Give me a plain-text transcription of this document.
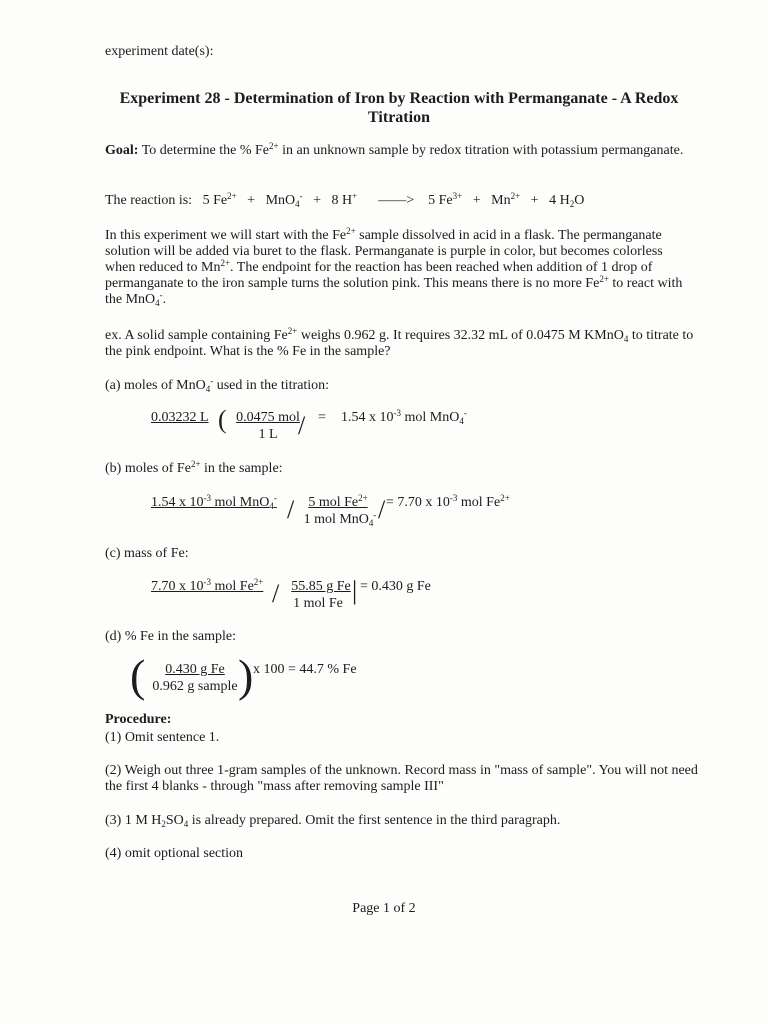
experiment date(s):
Experiment 28 - Determination of Iron by Reaction with Permanganate - A Redox Titration

Goal: To determine the % $Fe^{2+}$ in an unknown sample by redox titration with potassium permanganate.

The reaction is: 5 $Fe^{2+} + MnO_4^- + 8$ H+ ——> 5 $Fe^{3+} + Mn^{2+} + 4$ $H_2O$

In this experiment we will start with the $Fe^{2+}$ sample dissolved in acid in a flask. The permanganate solution will be added via buret to the flask. Permanganate is purple in color, but becomes colorless when reduced to $Mn^{2+}$. The endpoint for the reaction has been reached when addition of 1 drop of permanganate to the iron sample turns the solution pink. This means there is no more $Fe^{2+}$ to react with the MnO$_4$-.

ex. A solid sample containing $Fe^{2+}$ weighs 0.962 g. It requires 32.32 mL of 0.0475 M KMnO$_4$ to titrate to the pink endpoint. What is the % Fe in the sample?

(a) moles of MnO$_4$- used in the titration:
0.03232 L ( 0.0475 mol
1 L / = 1.54 x $10^{-3}$ mol MnO$_4$-
(b) moles of $Fe^{2+}$ in the sample:
1.54 x $10^{-3}$ mol MnO$_4$- /	5 mol $Fe^{2+}$
1 mol MnO$_4$- / = 7.70 x $10^{-3}$ mol $Fe^{2+}$
(c) mass of Fe:
7.70 x $10^{-3}$ mol $Fe^{2+} / 55.85$ g Fe
1 mol Fe | = 0.430 g Fe
(d) % Fe in the sample:
(	0.430 g Fe
0.962 g sample ) x 100 = 44.7 % Fe
Procedure:
(1) Omit sentence 1.

(2) Weigh out three 1-gram samples of the unknown. Record mass in "mass of sample". You will not need the first 4 blanks - through "mass after removing sample III"

(3) 1 M $H_2SO_4$ is already prepared. Omit the first sentence in the third paragraph.
(4) omit optional section
Page 1 of 2
